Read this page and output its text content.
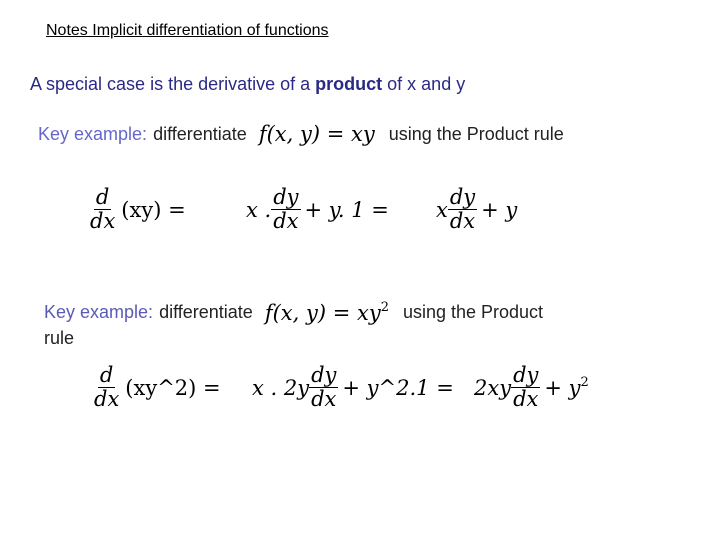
Notes Implicit differentiation of functions
A special case is the derivative of a product of x and y
Key example: differentiate f(x, y) = xy using the Product rule
$\frac{d}{dx} (xy)$ =	x . $\frac{dy}{dx} + y$. 1 = x $\frac{dy}{dx} + y$
Key example: differentiate f(x, $y) = xy^2$ using the Product
rule
$\frac{d}{dx}$ (xy^2) = x . $2y \frac{dy}{dx}$ + y^2.1 = $2xy \frac{dy}{dx} + y^2$
